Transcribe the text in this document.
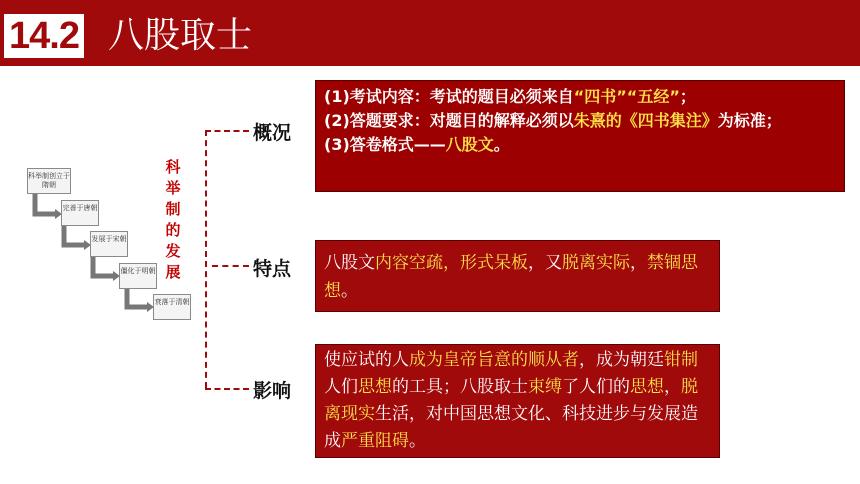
14.2 八股取士
科举制创立于隋朝
完善于唐朝
发展于宋朝
僵化于明朝
衰落于清朝
科
举
制
的
发
展
概况
特点
影响
(1)考试内容：考试的题目必须来自“四书”“五经”；
(2)答题要求：对题目的解释必须以朱熹的《四书集注》为标准；
(3)答卷格式——八股文。
八股文内容空疏，形式呆板，又脱离实际，禁锢思想。
使应试的人成为皇帝旨意的顺从者，成为朝廷钳制人们思想的工具；八股取士束缚了人们的思想，脱离现实生活，对中国思想文化、科技进步与发展造成严重阻碍。
